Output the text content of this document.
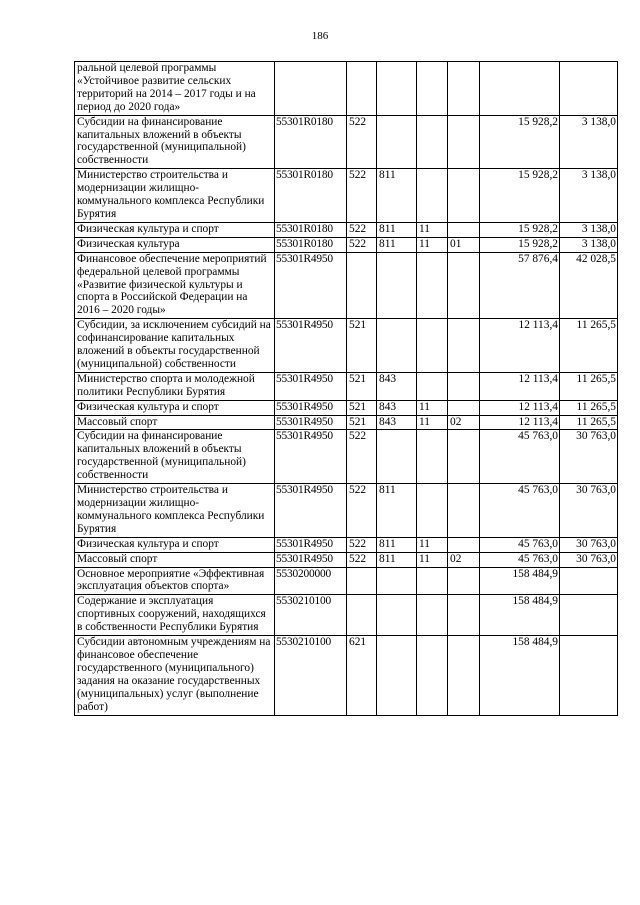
186
ральной целевой программы «Устойчивое развитие сельских территорий на 2014 – 2017 годы и на период до 2020 года»							
Субсидии на финансирование капитальных вложений в объекты государственной (муниципальной) собственности	55301R0180	522				15 928,2	3 138,0
Министерство строительства и модернизации жилищно-коммунального комплекса Республики Бурятия	55301R0180	522	811			15 928,2	3 138,0
Физическая культура и спорт	55301R0180	522	811	11		15 928,2	3 138,0
Физическая культура	55301R0180	522	811	11	01	15 928,2	3 138,0
Финансовое обеспечение мероприятий федеральной целевой программы «Развитие физической культуры и спорта в Российской Федерации на 2016 – 2020 годы»	55301R4950					57 876,4	42 028,5
Субсидии, за исключением субсидий на софинансирование капитальных вложений в объекты государственной (муниципальной) собственности	55301R4950	521				12 113,4	11 265,5
Министерство спорта и молодежной политики Республики Бурятия	55301R4950	521	843			12 113,4	11 265,5
Физическая культура и спорт	55301R4950	521	843	11		12 113,4	11 265,5
Массовый спорт	55301R4950	521	843	11	02	12 113,4	11 265,5
Субсидии на финансирование капитальных вложений в объекты государственной (муниципальной) собственности	55301R4950	522				45 763,0	30 763,0
Министерство строительства и модернизации жилищно-коммунального комплекса Республики Бурятия	55301R4950	522	811			45 763,0	30 763,0
Физическая культура и спорт	55301R4950	522	811	11		45 763,0	30 763,0
Массовый спорт	55301R4950	522	811	11	02	45 763,0	30 763,0
Основное мероприятие «Эффективная эксплуатация объектов спорта»	5530200000					158 484,9	
Содержание и эксплуатация спортивных сооружений, находящихся в собственности Республики Бурятия	5530210100					158 484,9	
Субсидии автономным учреждениям на финансовое обеспечение государственного (муниципального) задания на оказание государственных (муниципальных) услуг (выполнение работ)	5530210100	621				158 484,9	
